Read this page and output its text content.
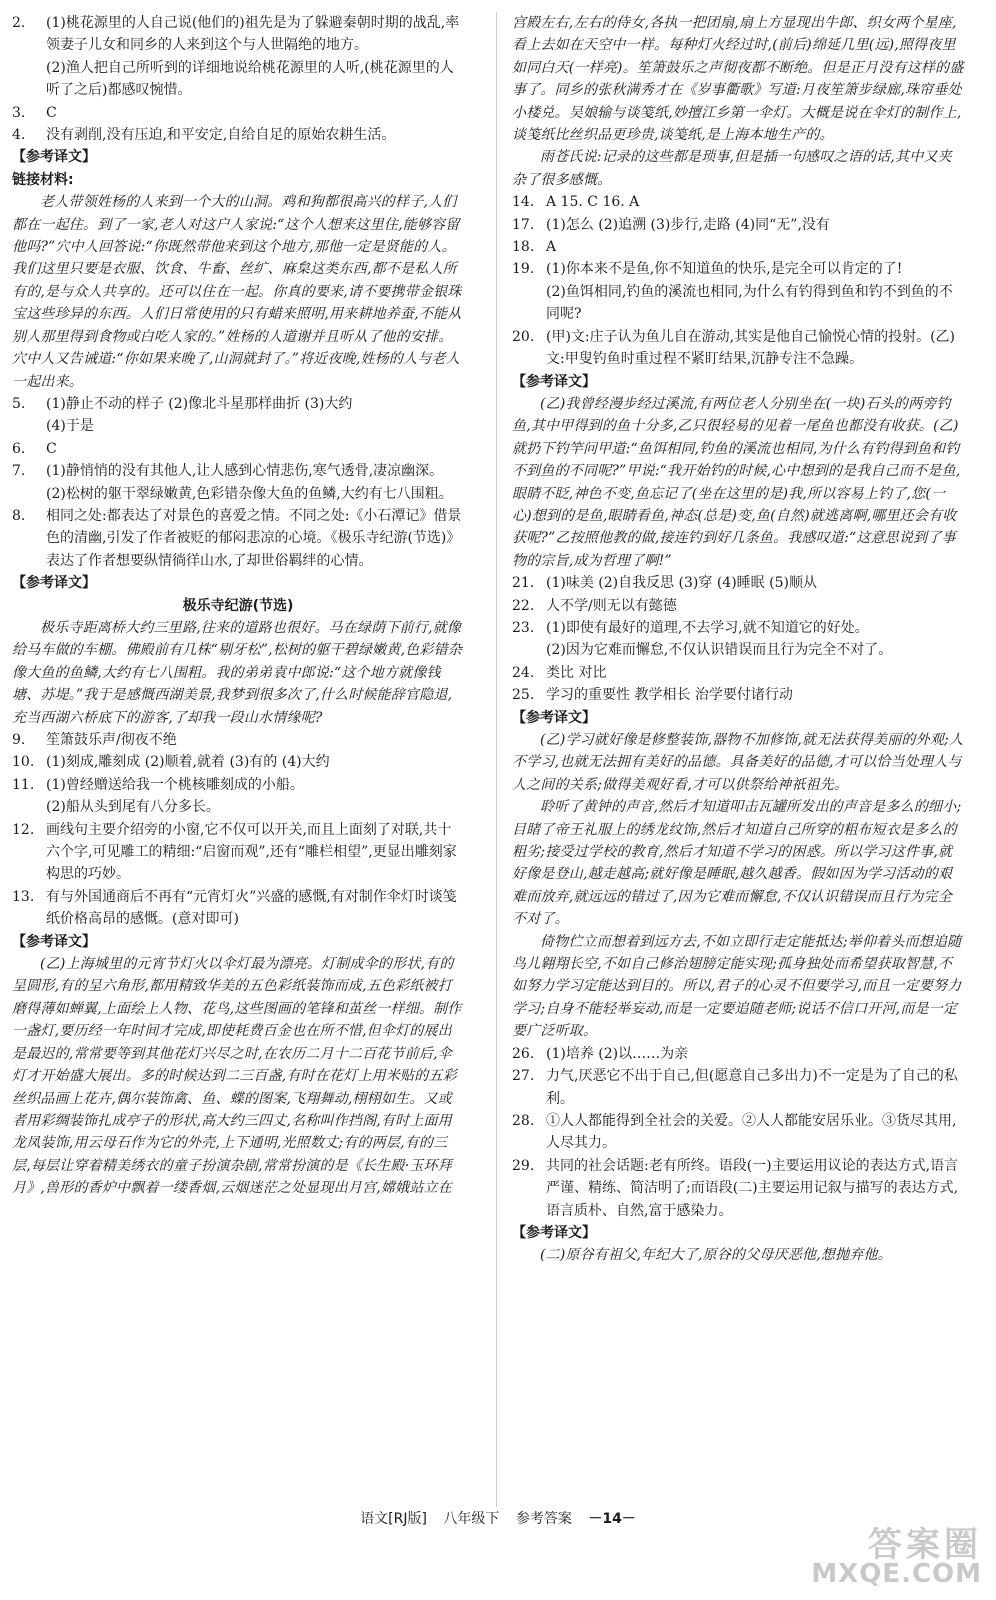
2.	(1)桃花源里的人自己说(他们的)祖先是为了躲避秦朝时期的战乱,率领妻子儿女和同乡的人来到这个与人世隔绝的地方。
(2)渔人把自己所听到的详细地说给桃花源里的人听,(桃花源里的人听了之后)都感叹惋惜。
3.	C
4.	没有剥削,没有压迫,和平安定,自给自足的原始农耕生活。
【参考译文】
链接材料:
老人带领姓杨的人来到一个大的山洞。鸡和狗都很高兴的样子,人们都在一起住。到了一家,老人对这户人家说:“这个人想来这里住,能够容留他吗?”穴中人回答说:“你既然带他来到这个地方,那他一定是贤能的人。我们这里只要是衣服、饮食、牛畜、丝纩、麻枲这类东西,都不是私人所有的,是与众人共享的。还可以住在一起。你真的要来,请不要携带金银珠宝这些珍异的东西。人们日常使用的只有蜡来照明,用来耕地养蚕,不能从别人那里得到食物或白吃人家的。”姓杨的人道谢并且听从了他的安排。穴中人又告诫道:“你如果来晚了,山洞就封了。”将近夜晚,姓杨的人与老人一起出来。
5.	(1)静止不动的样子 (2)像北斗星那样曲折 (3)大约
(4)于是
6.	C
7.	(1)静悄悄的没有其他人,让人感到心情悲伤,寒气透骨,凄凉幽深。
(2)松树的躯干翠绿嫩黄,色彩错杂像大鱼的鱼鳞,大约有七八围粗。
8.	相同之处:都表达了对景色的喜爱之情。不同之处:《小石潭记》借景色的清幽,引发了作者被贬的郁闷悲凉的心境。《极乐寺纪游(节选)》表达了作者想要纵情徜徉山水,了却世俗羁绊的心情。
【参考译文】
极乐寺纪游(节选)
极乐寺距离桥大约三里路,往来的道路也很好。马在绿荫下前行,就像给马车做的车棚。佛殿前有几株“剔牙松”,松树的躯干碧绿嫩黄,色彩错杂像大鱼的鱼鳞,大约有七八围粗。我的弟弟袁中郎说:“这个地方就像钱塘、苏堤。”我于是感慨西湖美景,我梦到很多次了,什么时候能辞官隐退,充当西湖六桥底下的游客,了却我一段山水情缘呢?
9.	笙箫鼓乐声/彻夜不绝
10. (1)刻成,雕刻成 (2)顺着,就着 (3)有的 (4)大约
11. (1)曾经赠送给我一个桃核雕刻成的小船。
(2)船从头到尾有八分多长。
12. 画线句主要介绍旁的小窗,它不仅可以开关,而且上面刻了对联,共十六个字,可见雕工的精细:“启窗而观”,还有“雕栏相望”,更显出雕刻家构思的巧妙。
13. 有与外国通商后不再有“元宵灯火”兴盛的感慨,有对制作伞灯时谈笺纸价格高昂的感慨。(意对即可)
【参考译文】
(乙)上海城里的元宵节灯火以伞灯最为漂亮。灯制成伞的形状,有的呈圆形,有的呈六角形,都用精致华美的五色彩纸装饰而成,五色彩纸被打磨得薄如蝉翼,上面绘上人物、花鸟,这些图画的笔锋和茧丝一样细。制作一盏灯,要历经一年时间才完成,即使耗费百金也在所不惜,但伞灯的展出是最迟的,常常要等到其他花灯兴尽之时,在农历二月十二百花节前后,伞灯才开始盛大展出。多的时候达到二三百盏,有时在花灯上用米贴的五彩丝织品画上花卉,偶尔装饰禽、鱼、蝶的图案,飞翔舞动,栩栩如生。又或者用彩绸装饰扎成亭子的形状,高大约三四丈,名称叫作挡阁,有时上面用龙凤装饰,用云母石作为它的外壳,上下通明,光照数丈;有的两层,有的三层,每层让穿着精美绣衣的童子扮演杂剧,常常扮演的是《长生殿·玉环拜月》,兽形的香炉中飘着一缕香烟,云烟迷茫之处显现出月宫,嫦娥站立在
宫殿左右,左右的侍女,各执一把团扇,扇上方显现出牛郎、织女两个星座,看上去如在天空中一样。每种灯火经过时,(前后)绵延几里(远),照得夜里如同白天(一样亮)。笙箫鼓乐之声彻夜都不断绝。但是正月没有这样的盛事了。同乡的张秋满秀才在《岁事衢歌》写道:月夜笙箫步绿廊,珠帘垂处小楼兑。吴娘输与谈笺纸,妙擅江乡第一伞灯。大概是说在伞灯的制作上,谈笺纸比丝织品更珍贵,谈笺纸,是上海本地生产的。
雨苍氏说:记录的这些都是琐事,但是插一句感叹之语的话,其中又夹杂了很多感慨。
14. A 15. C 16. A
17. (1)怎么 (2)追溯 (3)步行,走路 (4)同“无”,没有
18. A
19. (1)你本来不是鱼,你不知道鱼的快乐,是完全可以肯定的了!
(2)鱼饵相同,钓鱼的溪流也相同,为什么有钓得到鱼和钓不到鱼的不同呢?
20. (甲)文:庄子认为鱼儿自在游动,其实是他自己愉悦心情的投射。(乙)文:甲叟钓鱼时重过程不紧盯结果,沉静专注不急躁。
【参考译文】
(乙)我曾经漫步经过溪流,有两位老人分别坐在(一块)石头的两旁钓鱼,其中甲得到的鱼十分多,乙只很轻易的见着一尾鱼也都没有收获。(乙)就扔下钓竿问甲道:“鱼饵相同,钓鱼的溪流也相同,为什么有钓得到鱼和钓不到鱼的不同呢?”甲说:“我开始钓的时候,心中想到的是我自己而不是鱼,眼睛不眨,神色不变,鱼忘记了(坐在这里的是)我,所以容易上钓了,您(一心)想到的是鱼,眼睛看鱼,神态(总是)变,鱼(自然)就逃离啊,哪里还会有收获呢?”乙按照他教的做,接连钓到好几条鱼。我感叹道:“这意思说到了事物的宗旨,成为哲理了啊!”
21. (1)味美 (2)自我反思 (3)穿 (4)睡眠 (5)顺从
22. 人不学/则无以有懿德
23. (1)即使有最好的道理,不去学习,就不知道它的好处。
(2)因为它难而懈怠,不仅认识错误而且行为完全不对了。
24. 类比 对比
25. 学习的重要性 教学相长 治学要付诸行动
【参考译文】
(乙)学习就好像是修整装饰,器物不加修饰,就无法获得美丽的外观;人不学习,也就无法拥有美好的品德。具备美好的品德,才可以恰当处理人与人之间的关系;做得美观好看,才可以供祭给神祇祖先。
聆听了黄钟的声音,然后才知道叩击瓦罐所发出的声音是多么的细小;目睹了帝王礼服上的绣龙纹饰,然后才知道自己所穿的粗布短衣是多么的粗劣;接受过学校的教育,然后才知道不学习的困惑。所以学习这件事,就好像是登山,越走越高;就好像是睡眠,越久越香。假如因为学习活动的艰难而放弃,就远远的错过了,因为它难而懈怠,不仅认识错误而且行为完全不对了。
倚物伫立而想着到远方去,不如立即行走定能抵达;举仰着头而想追随鸟儿翱翔长空,不如自己修治翅膀定能实现;孤身独处而希望获取智慧,不如努力学习定能达到目的。所以,君子的心灵不但要学习,而且一定要努力学习;自身不能轻举妄动,而是一定要追随老师;说话不信口开河,而是一定要广泛听取。
26. (1)培养 (2)以……为亲
27. 力气,厌恶它不出于自己,但(愿意自己多出力)不一定是为了自己的私利。
28. ①人人都能得到全社会的关爱。②人人都能安居乐业。③货尽其用,人尽其力。
29. 共同的社会话题:老有所终。语段(一)主要运用议论的表达方式,语言严谨、精练、简洁明了;而语段(二)主要运用记叙与描写的表达方式,语言质朴、自然,富于感染力。
【参考译文】
(二)原谷有祖父,年纪大了,原谷的父母厌恶他,想抛弃他。
语文[RJ版] 八年级下 参考答案 －14－
答案圈
MXQE.COM
